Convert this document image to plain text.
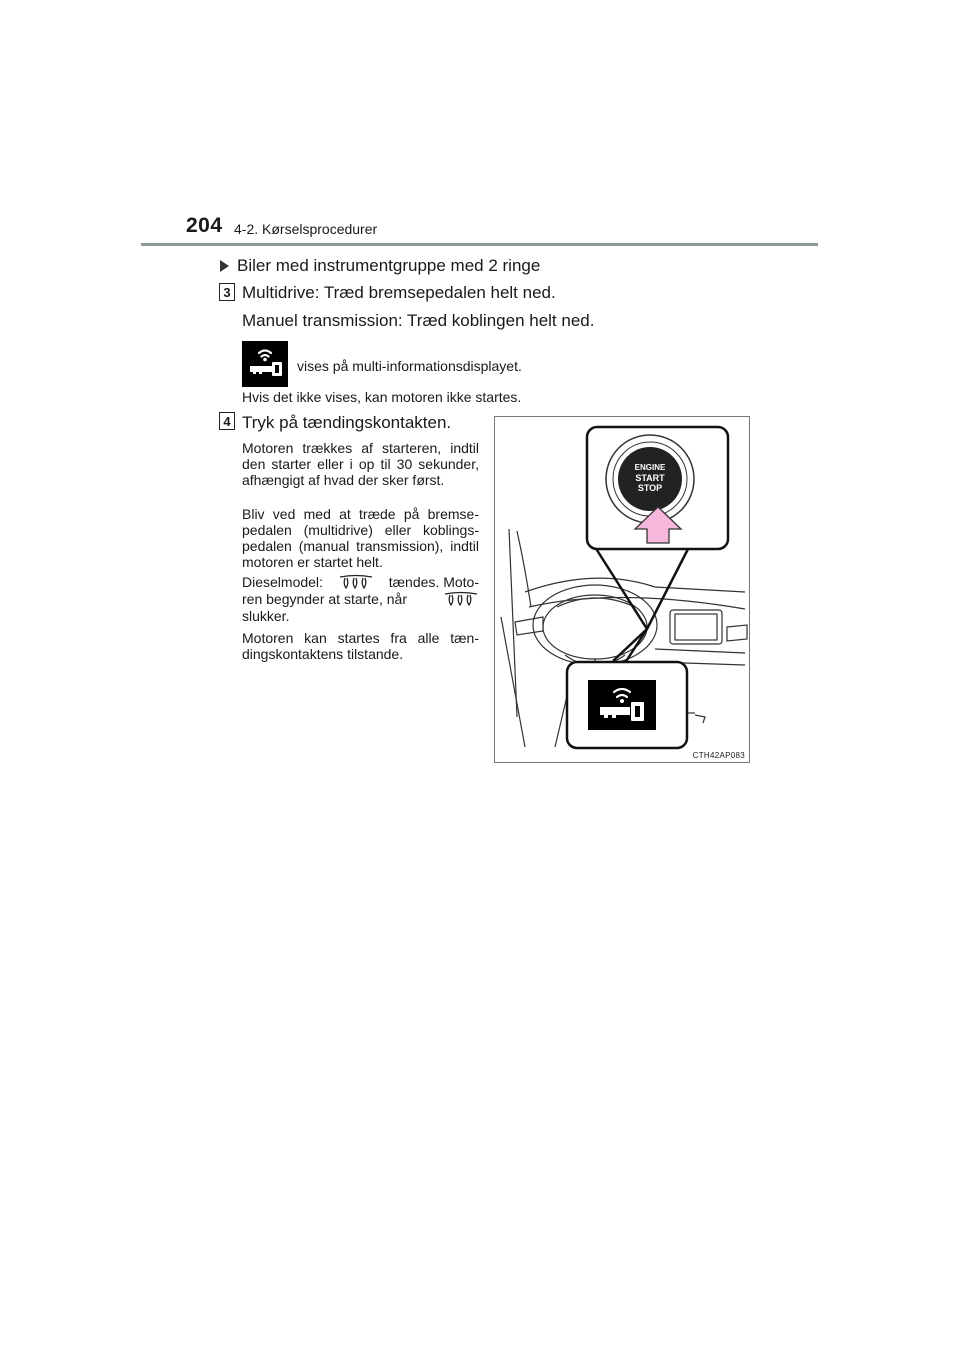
204 4-2. Kørselsprocedurer
Biler med instrumentgruppe med 2 ringe
3 Multidrive: Træd bremsepedalen helt ned.
Manuel transmission: Træd koblingen helt ned.
vises på multi-informationsdisplayet.
Hvis det ikke vises, kan motoren ikke startes.
4 Tryk på tændingskontakten.
Motoren trækkes af starteren, indtil den starter eller i op til 30 sekunder, afhængigt af hvad der sker først.
Bliv ved med at træde på bremse-pedalen (multidrive) eller koblings-pedalen (manual transmission), indtil motoren er startet helt.
Dieselmodel:	tændes. Moto-
ren begynder at starte, når
slukker.
Motoren kan startes fra alle tæn-dingskontaktens tilstande.
ENGINE
START
STOP
CTH42AP083
